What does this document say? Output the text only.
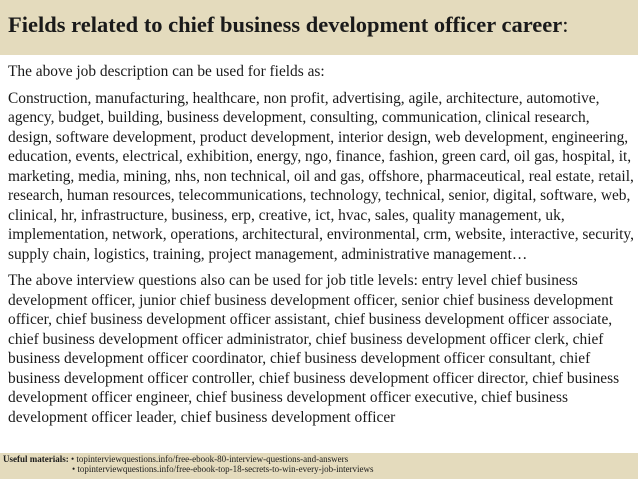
Fields related to chief business development officer career:

The above job description can be used for fields as:

Construction, manufacturing, healthcare, non profit, advertising, agile, architecture, automotive, agency, budget, building, business development, consulting, communication, clinical research, design, software development, product development, interior design, web development, engineering, education, events, electrical, exhibition, energy, ngo, finance, fashion, green card, oil gas, hospital, it, marketing, media, mining, nhs, non technical, oil and gas, offshore, pharmaceutical, real estate, retail, research, human resources, telecommunications, technology, technical, senior, digital, software, web, clinical, hr, infrastructure, business, erp, creative, ict, hvac, sales, quality management, uk, implementation, network, operations, architectural, environmental, crm, website, interactive, security, supply chain, logistics, training, project management, administrative management…

The above interview questions also can be used for job title levels: entry level chief business development officer, junior chief business development officer, senior chief business development officer, chief business development officer assistant, chief business development officer associate, chief business development officer administrator, chief business development officer clerk, chief business development officer coordinator, chief business development officer consultant, chief business development officer controller, chief business development officer director, chief business development officer engineer, chief business development officer executive, chief business development officer leader, chief business development officer

Useful materials: • topinterviewquestions.info/free-ebook-80-interview-questions-and-answers
• topinterviewquestions.info/free-ebook-top-18-secrets-to-win-every-job-interviews
